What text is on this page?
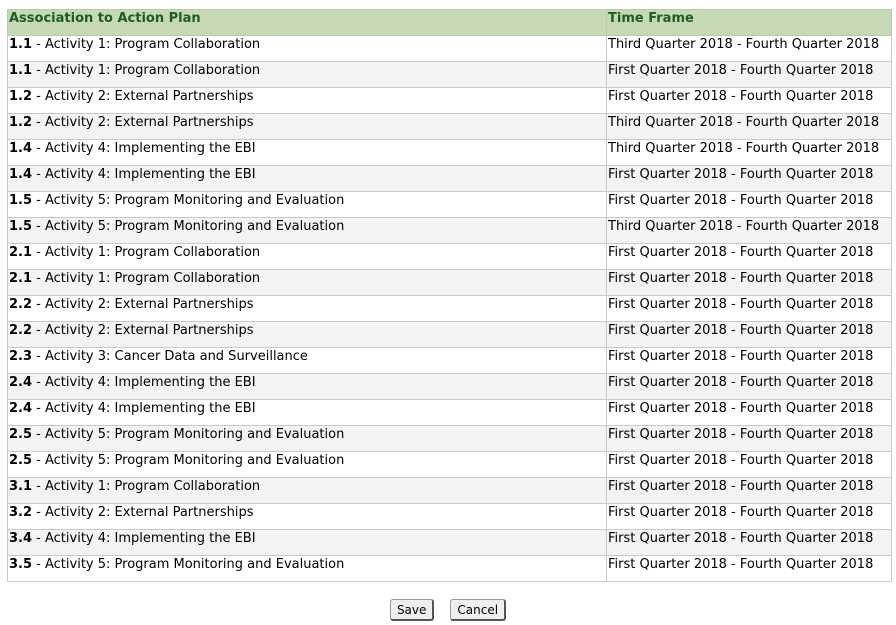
Association to Action Plan	Time Frame
1.1 - Activity 1: Program Collaboration	Third Quarter 2018 - Fourth Quarter 2018
1.1 - Activity 1: Program Collaboration	First Quarter 2018 - Fourth Quarter 2018
1.2 - Activity 2: External Partnerships	First Quarter 2018 - Fourth Quarter 2018
1.2 - Activity 2: External Partnerships	Third Quarter 2018 - Fourth Quarter 2018
1.4 - Activity 4: Implementing the EBI	Third Quarter 2018 - Fourth Quarter 2018
1.4 - Activity 4: Implementing the EBI	First Quarter 2018 - Fourth Quarter 2018
1.5 - Activity 5: Program Monitoring and Evaluation	First Quarter 2018 - Fourth Quarter 2018
1.5 - Activity 5: Program Monitoring and Evaluation	Third Quarter 2018 - Fourth Quarter 2018
2.1 - Activity 1: Program Collaboration	First Quarter 2018 - Fourth Quarter 2018
2.1 - Activity 1: Program Collaboration	First Quarter 2018 - Fourth Quarter 2018
2.2 - Activity 2: External Partnerships	First Quarter 2018 - Fourth Quarter 2018
2.2 - Activity 2: External Partnerships	First Quarter 2018 - Fourth Quarter 2018
2.3 - Activity 3: Cancer Data and Surveillance	First Quarter 2018 - Fourth Quarter 2018
2.4 - Activity 4: Implementing the EBI	First Quarter 2018 - Fourth Quarter 2018
2.4 - Activity 4: Implementing the EBI	First Quarter 2018 - Fourth Quarter 2018
2.5 - Activity 5: Program Monitoring and Evaluation	First Quarter 2018 - Fourth Quarter 2018
2.5 - Activity 5: Program Monitoring and Evaluation	First Quarter 2018 - Fourth Quarter 2018
3.1 - Activity 1: Program Collaboration	First Quarter 2018 - Fourth Quarter 2018
3.2 - Activity 2: External Partnerships	First Quarter 2018 - Fourth Quarter 2018
3.4 - Activity 4: Implementing the EBI	First Quarter 2018 - Fourth Quarter 2018
3.5 - Activity 5: Program Monitoring and Evaluation	First Quarter 2018 - Fourth Quarter 2018
Save	Cancel
